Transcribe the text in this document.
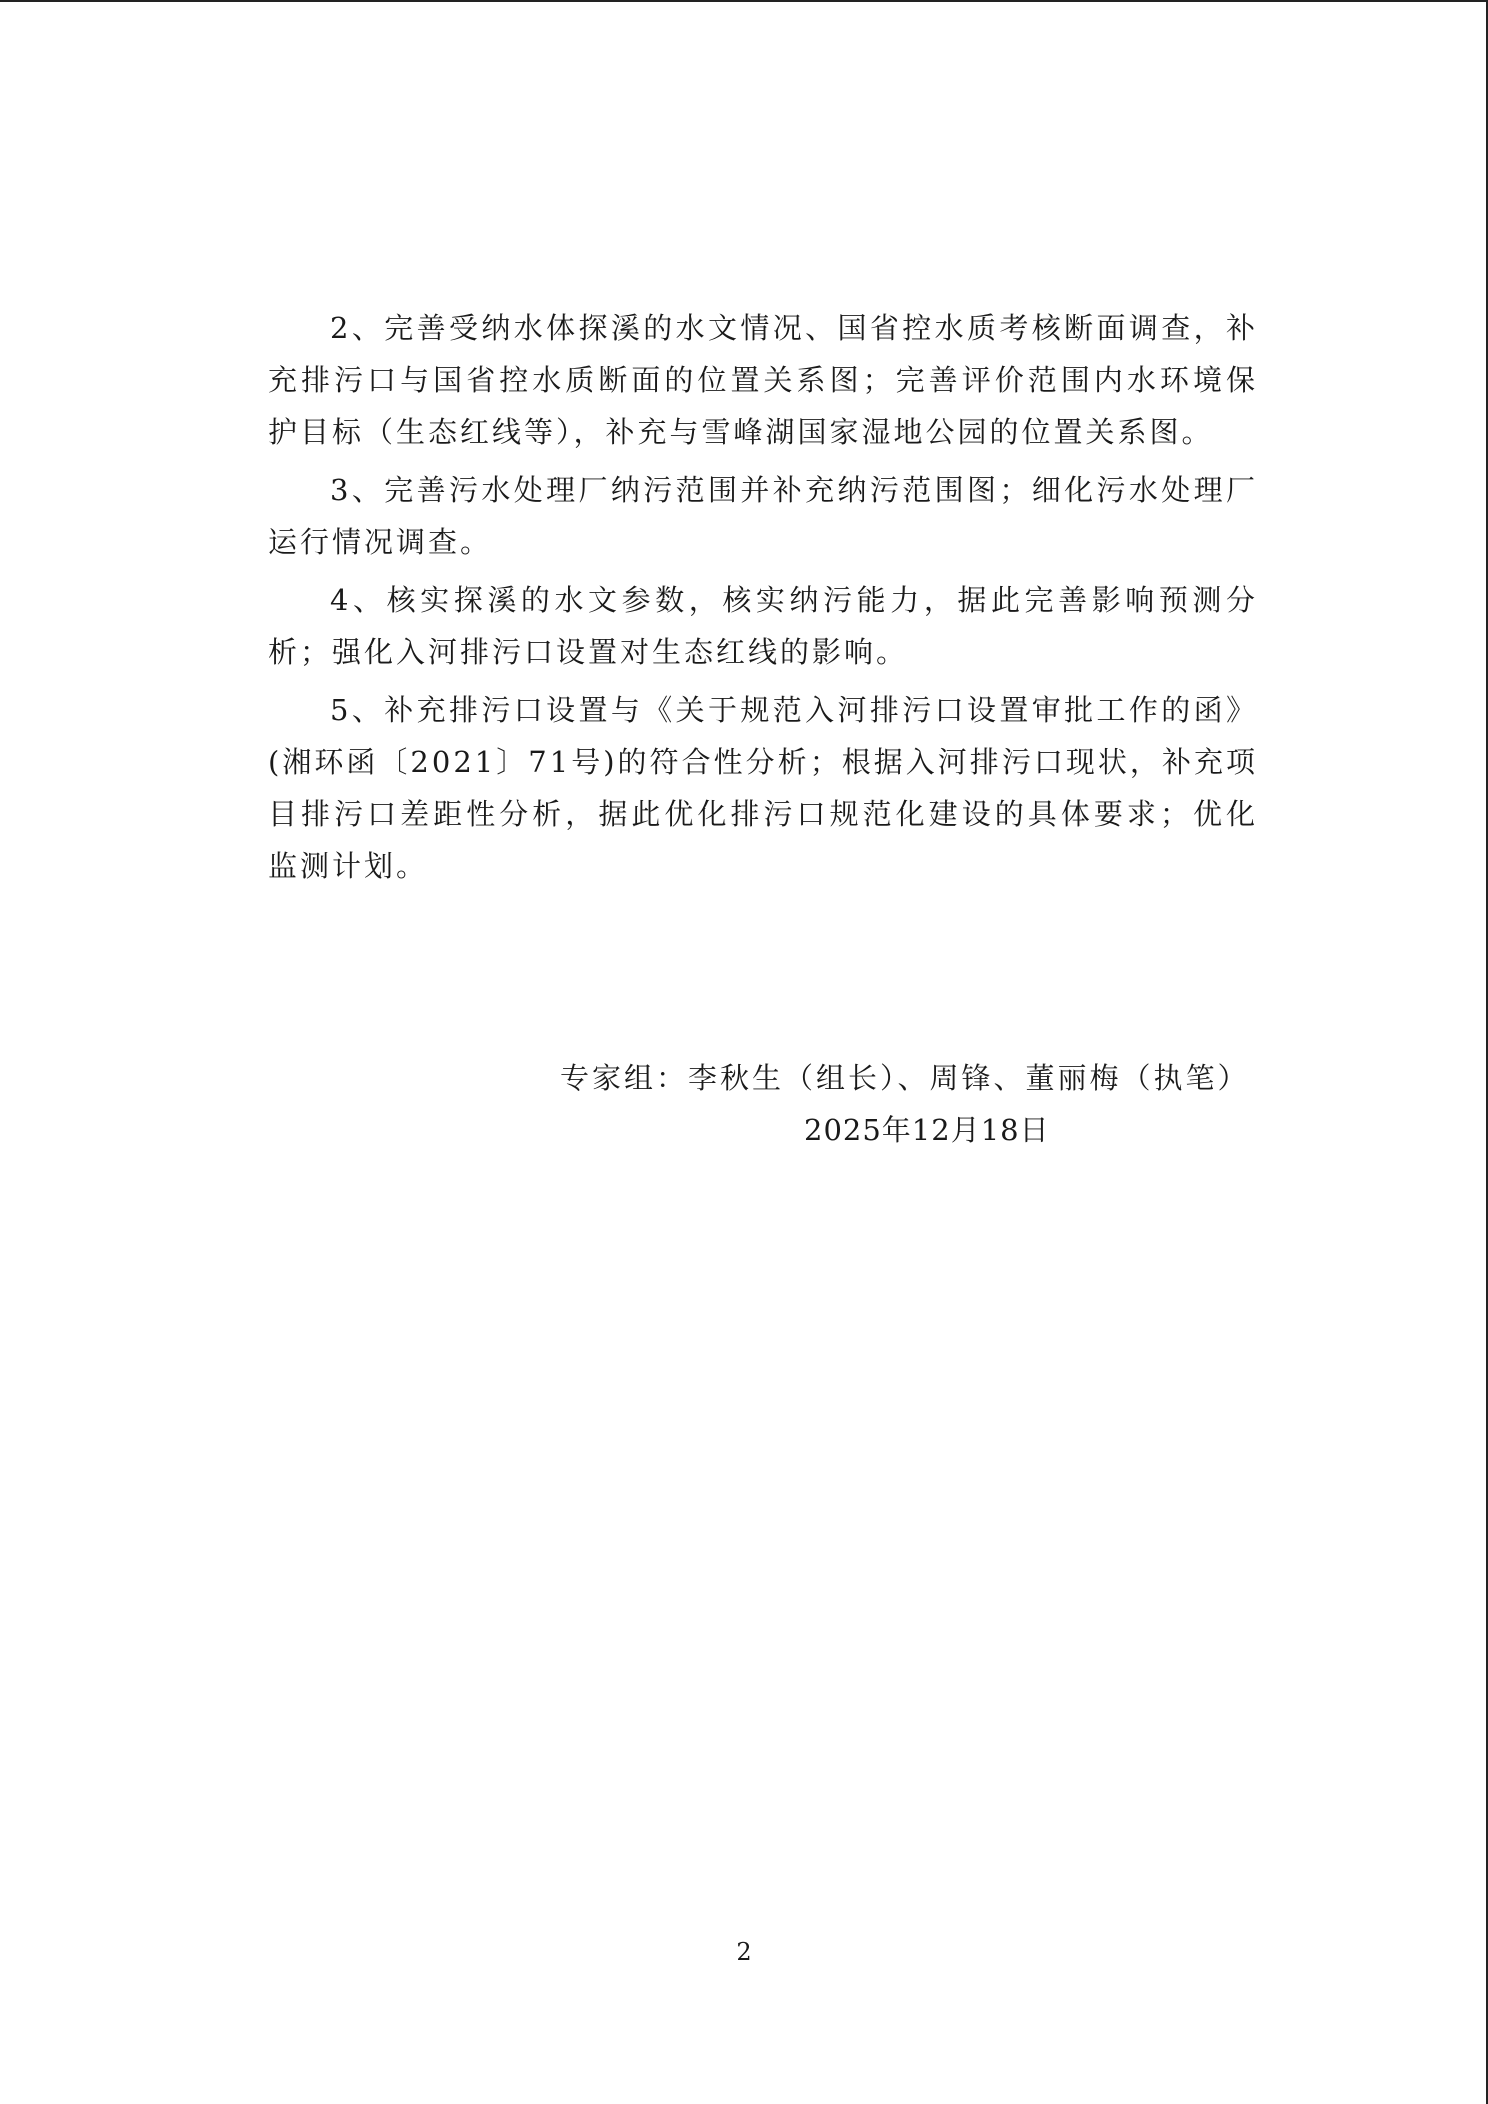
2、完善受纳水体探溪的水文情况、国省控水质考核断面调查，补充排污口与国省控水质断面的位置关系图；完善评价范围内水环境保护目标（生态红线等），补充与雪峰湖国家湿地公园的位置关系图。

3、完善污水处理厂纳污范围并补充纳污范围图；细化污水处理厂运行情况调查。

4、核实探溪的水文参数，核实纳污能力，据此完善影响预测分析；强化入河排污口设置对生态红线的影响。

5、补充排污口设置与《关于规范入河排污口设置审批工作的函》(湘环函〔2021〕71号)的符合性分析；根据入河排污口现状，补充项目排污口差距性分析，据此优化排污口规范化建设的具体要求；优化监测计划。

专家组：李秋生（组长）、周锋、董丽梅（执笔）
2025年12月18日
2
